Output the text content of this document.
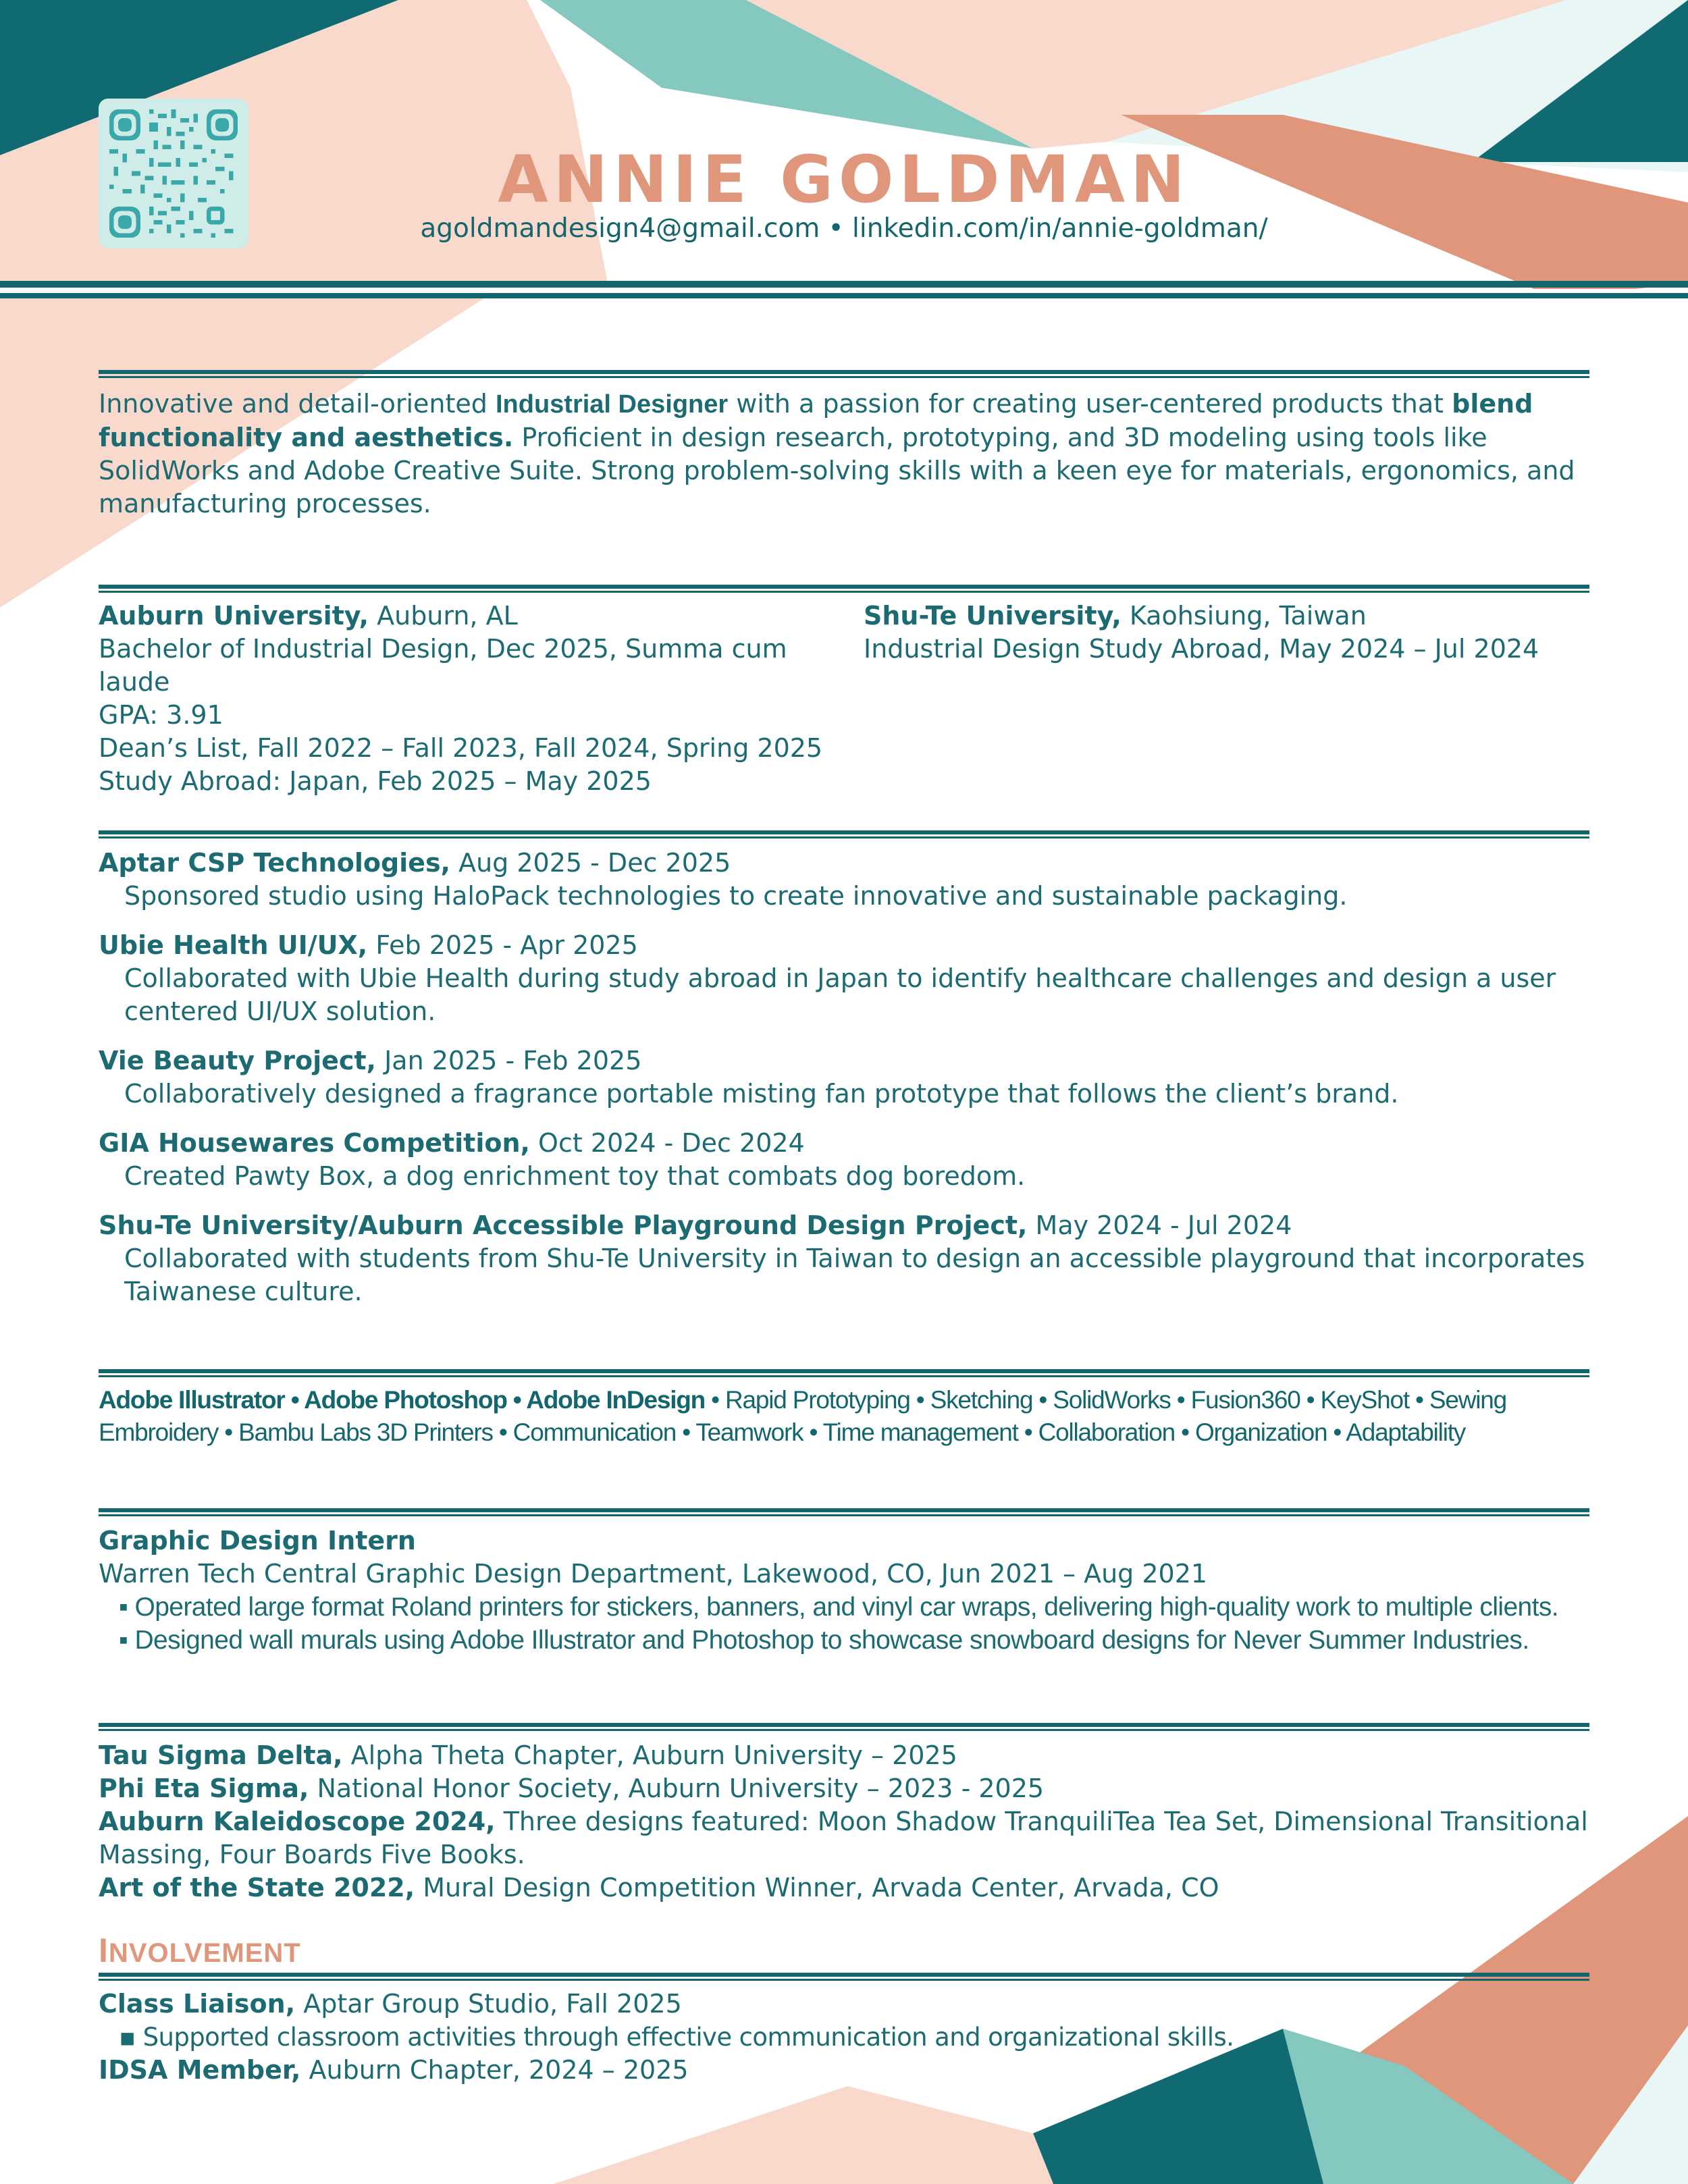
ANNIE GOLDMAN
agoldmandesign4@gmail.com • linkedin.com/in/annie-goldman/
Innovative and detail-oriented Industrial Designer with a passion for creating user-centered products that blend functionality and aesthetics. Proficient in design research, prototyping, and 3D modeling using tools like SolidWorks and Adobe Creative Suite. Strong problem-solving skills with a keen eye for materials, ergonomics, and manufacturing processes.
Auburn University, Auburn, AL
Bachelor of Industrial Design, Dec 2025, Summa cum laude
GPA: 3.91
Dean’s List, Fall 2022 – Fall 2023, Fall 2024, Spring 2025
Study Abroad: Japan, Feb 2025 – May 2025
Shu-Te University, Kaohsiung, Taiwan
Industrial Design Study Abroad, May 2024 – Jul 2024
Aptar CSP Technologies, Aug 2025 - Dec 2025
Sponsored studio using HaloPack technologies to create innovative and sustainable packaging.
Ubie Health UI/UX, Feb 2025 - Apr 2025
Collaborated with Ubie Health during study abroad in Japan to identify healthcare challenges and design a user centered UI/UX solution.
Vie Beauty Project, Jan 2025 - Feb 2025
Collaboratively designed a fragrance portable misting fan prototype that follows the client’s brand.
GIA Housewares Competition, Oct 2024 - Dec 2024
Created Pawty Box, a dog enrichment toy that combats dog boredom.
Shu-Te University/Auburn Accessible Playground Design Project, May 2024 - Jul 2024
Collaborated with students from Shu-Te University in Taiwan to design an accessible playground that incorporates Taiwanese culture.
Adobe Illustrator • Adobe Photoshop • Adobe InDesign • Rapid Prototyping • Sketching • SolidWorks • Fusion360 • KeyShot • Sewing
Embroidery • Bambu Labs 3D Printers • Communication • Teamwork • Time management • Collaboration • Organization • Adaptability
Graphic Design Intern
Warren Tech Central Graphic Design Department, Lakewood, CO, Jun 2021 – Aug 2021
▪ Operated large format Roland printers for stickers, banners, and vinyl car wraps, delivering high-quality work to multiple clients.
▪ Designed wall murals using Adobe Illustrator and Photoshop to showcase snowboard designs for Never Summer Industries.
Tau Sigma Delta, Alpha Theta Chapter, Auburn University – 2025
Phi Eta Sigma, National Honor Society, Auburn University – 2023 - 2025
Auburn Kaleidoscope 2024, Three designs featured: Moon Shadow TranquiliTea Tea Set, Dimensional Transitional Massing, Four Boards Five Books.
Art of the State 2022, Mural Design Competition Winner, Arvada Center, Arvada, CO
INVOLVEMENT
Class Liaison, Aptar Group Studio, Fall 2025
▪ Supported classroom activities through effective communication and organizational skills.
IDSA Member, Auburn Chapter, 2024 – 2025
